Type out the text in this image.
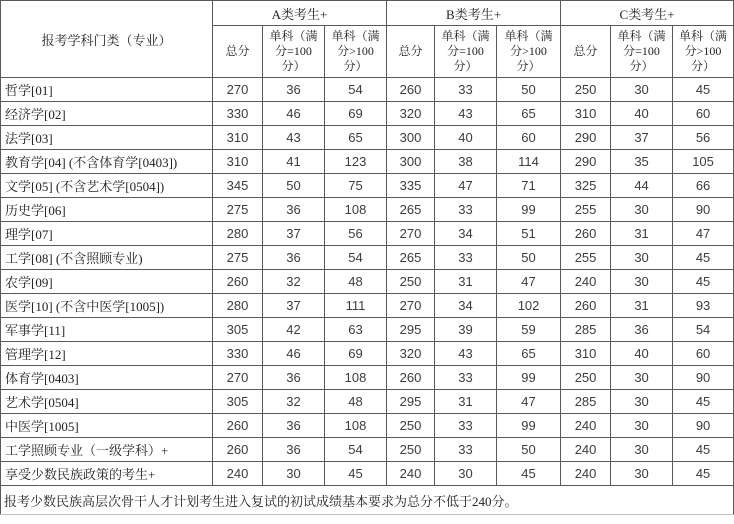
报考学科门类（专业）	A类考生+			B类考生+			C类考生+		
	总分	单科（满分=100分）	单科（满分>100分）	总分	单科（满分=100分）	单科（满分>100分）	总分	单科（满分=100分）	单科（满分>100分）
哲学[01]	270	36	54	260	33	50	250	30	45
经济学[02]	330	46	69	320	43	65	310	40	60
法学[03]	310	43	65	300	40	60	290	37	56
教育学[04] (不含体育学[0403])	310	41	123	300	38	114	290	35	105
文学[05] (不含艺术学[0504])	345	50	75	335	47	71	325	44	66
历史学[06]	275	36	108	265	33	99	255	30	90
理学[07]	280	37	56	270	34	51	260	31	47
工学[08] (不含照顾专业)	275	36	54	265	33	50	255	30	45
农学[09]	260	32	48	250	31	47	240	30	45
医学[10] (不含中医学[1005])	280	37	111	270	34	102	260	31	93
军事学[11]	305	42	63	295	39	59	285	36	54
管理学[12]	330	46	69	320	43	65	310	40	60
体育学[0403]	270	36	108	260	33	99	250	30	90
艺术学[0504]	305	32	48	295	31	47	285	30	45
中医学[1005]	260	36	108	250	33	99	240	30	90
工学照顾专业（一级学科）+	260	36	54	250	33	50	240	30	45
享受少数民族政策的考生+	240	30	45	240	30	45	240	30	45
报考少数民族高层次骨干人才计划考生进入复试的初试成绩基本要求为总分不低于240分。									
